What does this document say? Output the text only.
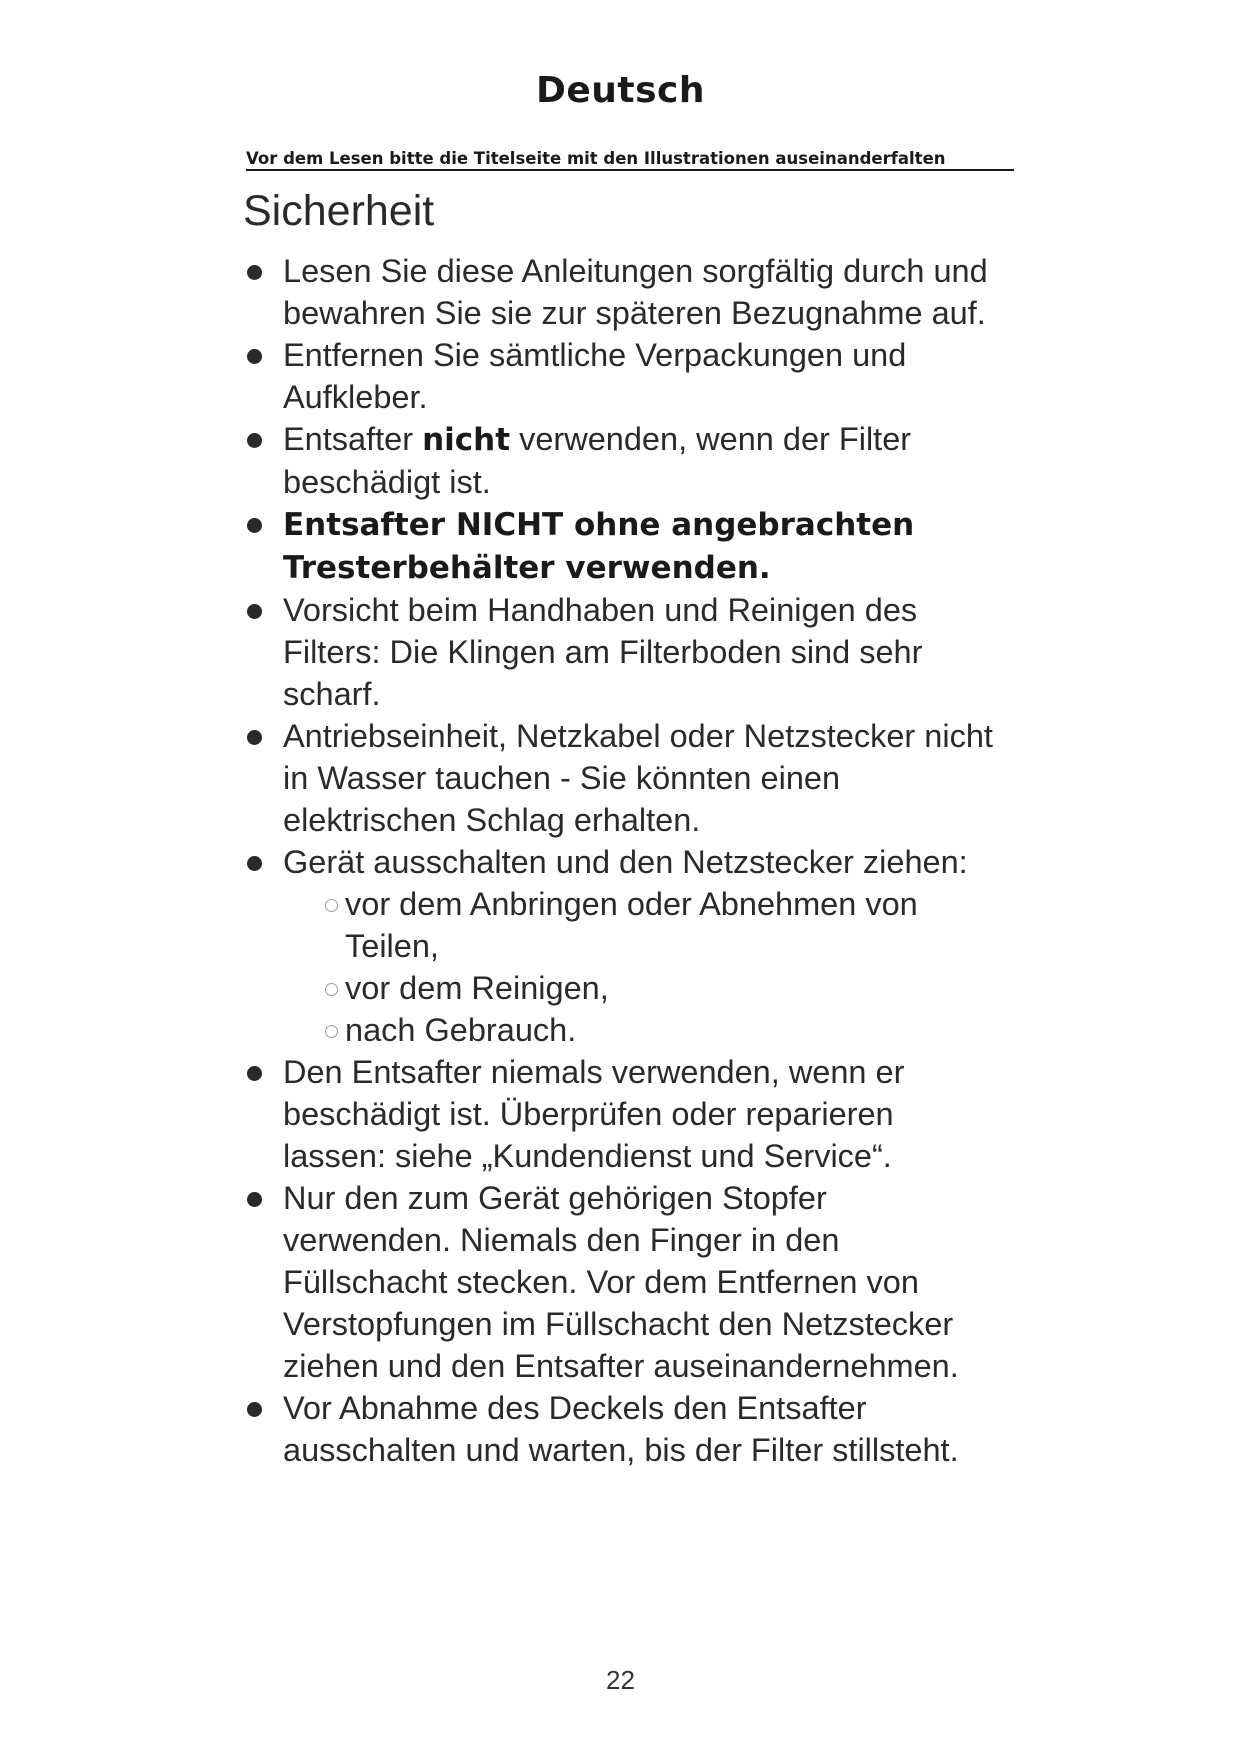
Deutsch

Vor dem Lesen bitte die Titelseite mit den Illustrationen auseinanderfalten

Sicherheit
Lesen Sie diese Anleitungen sorgfältig durch und bewahren Sie sie zur späteren Bezugnahme auf.
Entfernen Sie sämtliche Verpackungen und Aufkleber.
Entsafter nicht verwenden, wenn der Filter beschädigt ist.
Entsafter NICHT ohne angebrachten Tresterbehälter verwenden.
Vorsicht beim Handhaben und Reinigen des Filters: Die Klingen am Filterboden sind sehr scharf.
Antriebseinheit, Netzkabel oder Netzstecker nicht in Wasser tauchen - Sie könnten einen elektrischen Schlag erhalten.
Gerät ausschalten und den Netzstecker ziehen:
vor dem Anbringen oder Abnehmen von Teilen,
vor dem Reinigen,
nach Gebrauch.
Den Entsafter niemals verwenden, wenn er beschädigt ist. Überprüfen oder reparieren lassen: siehe „Kundendienst und Service“.
Nur den zum Gerät gehörigen Stopfer verwenden. Niemals den Finger in den Füllschacht stecken. Vor dem Entfernen von Verstopfungen im Füllschacht den Netzstecker ziehen und den Entsafter auseinandernehmen.
Vor Abnahme des Deckels den Entsafter ausschalten und warten, bis der Filter stillsteht.

22
